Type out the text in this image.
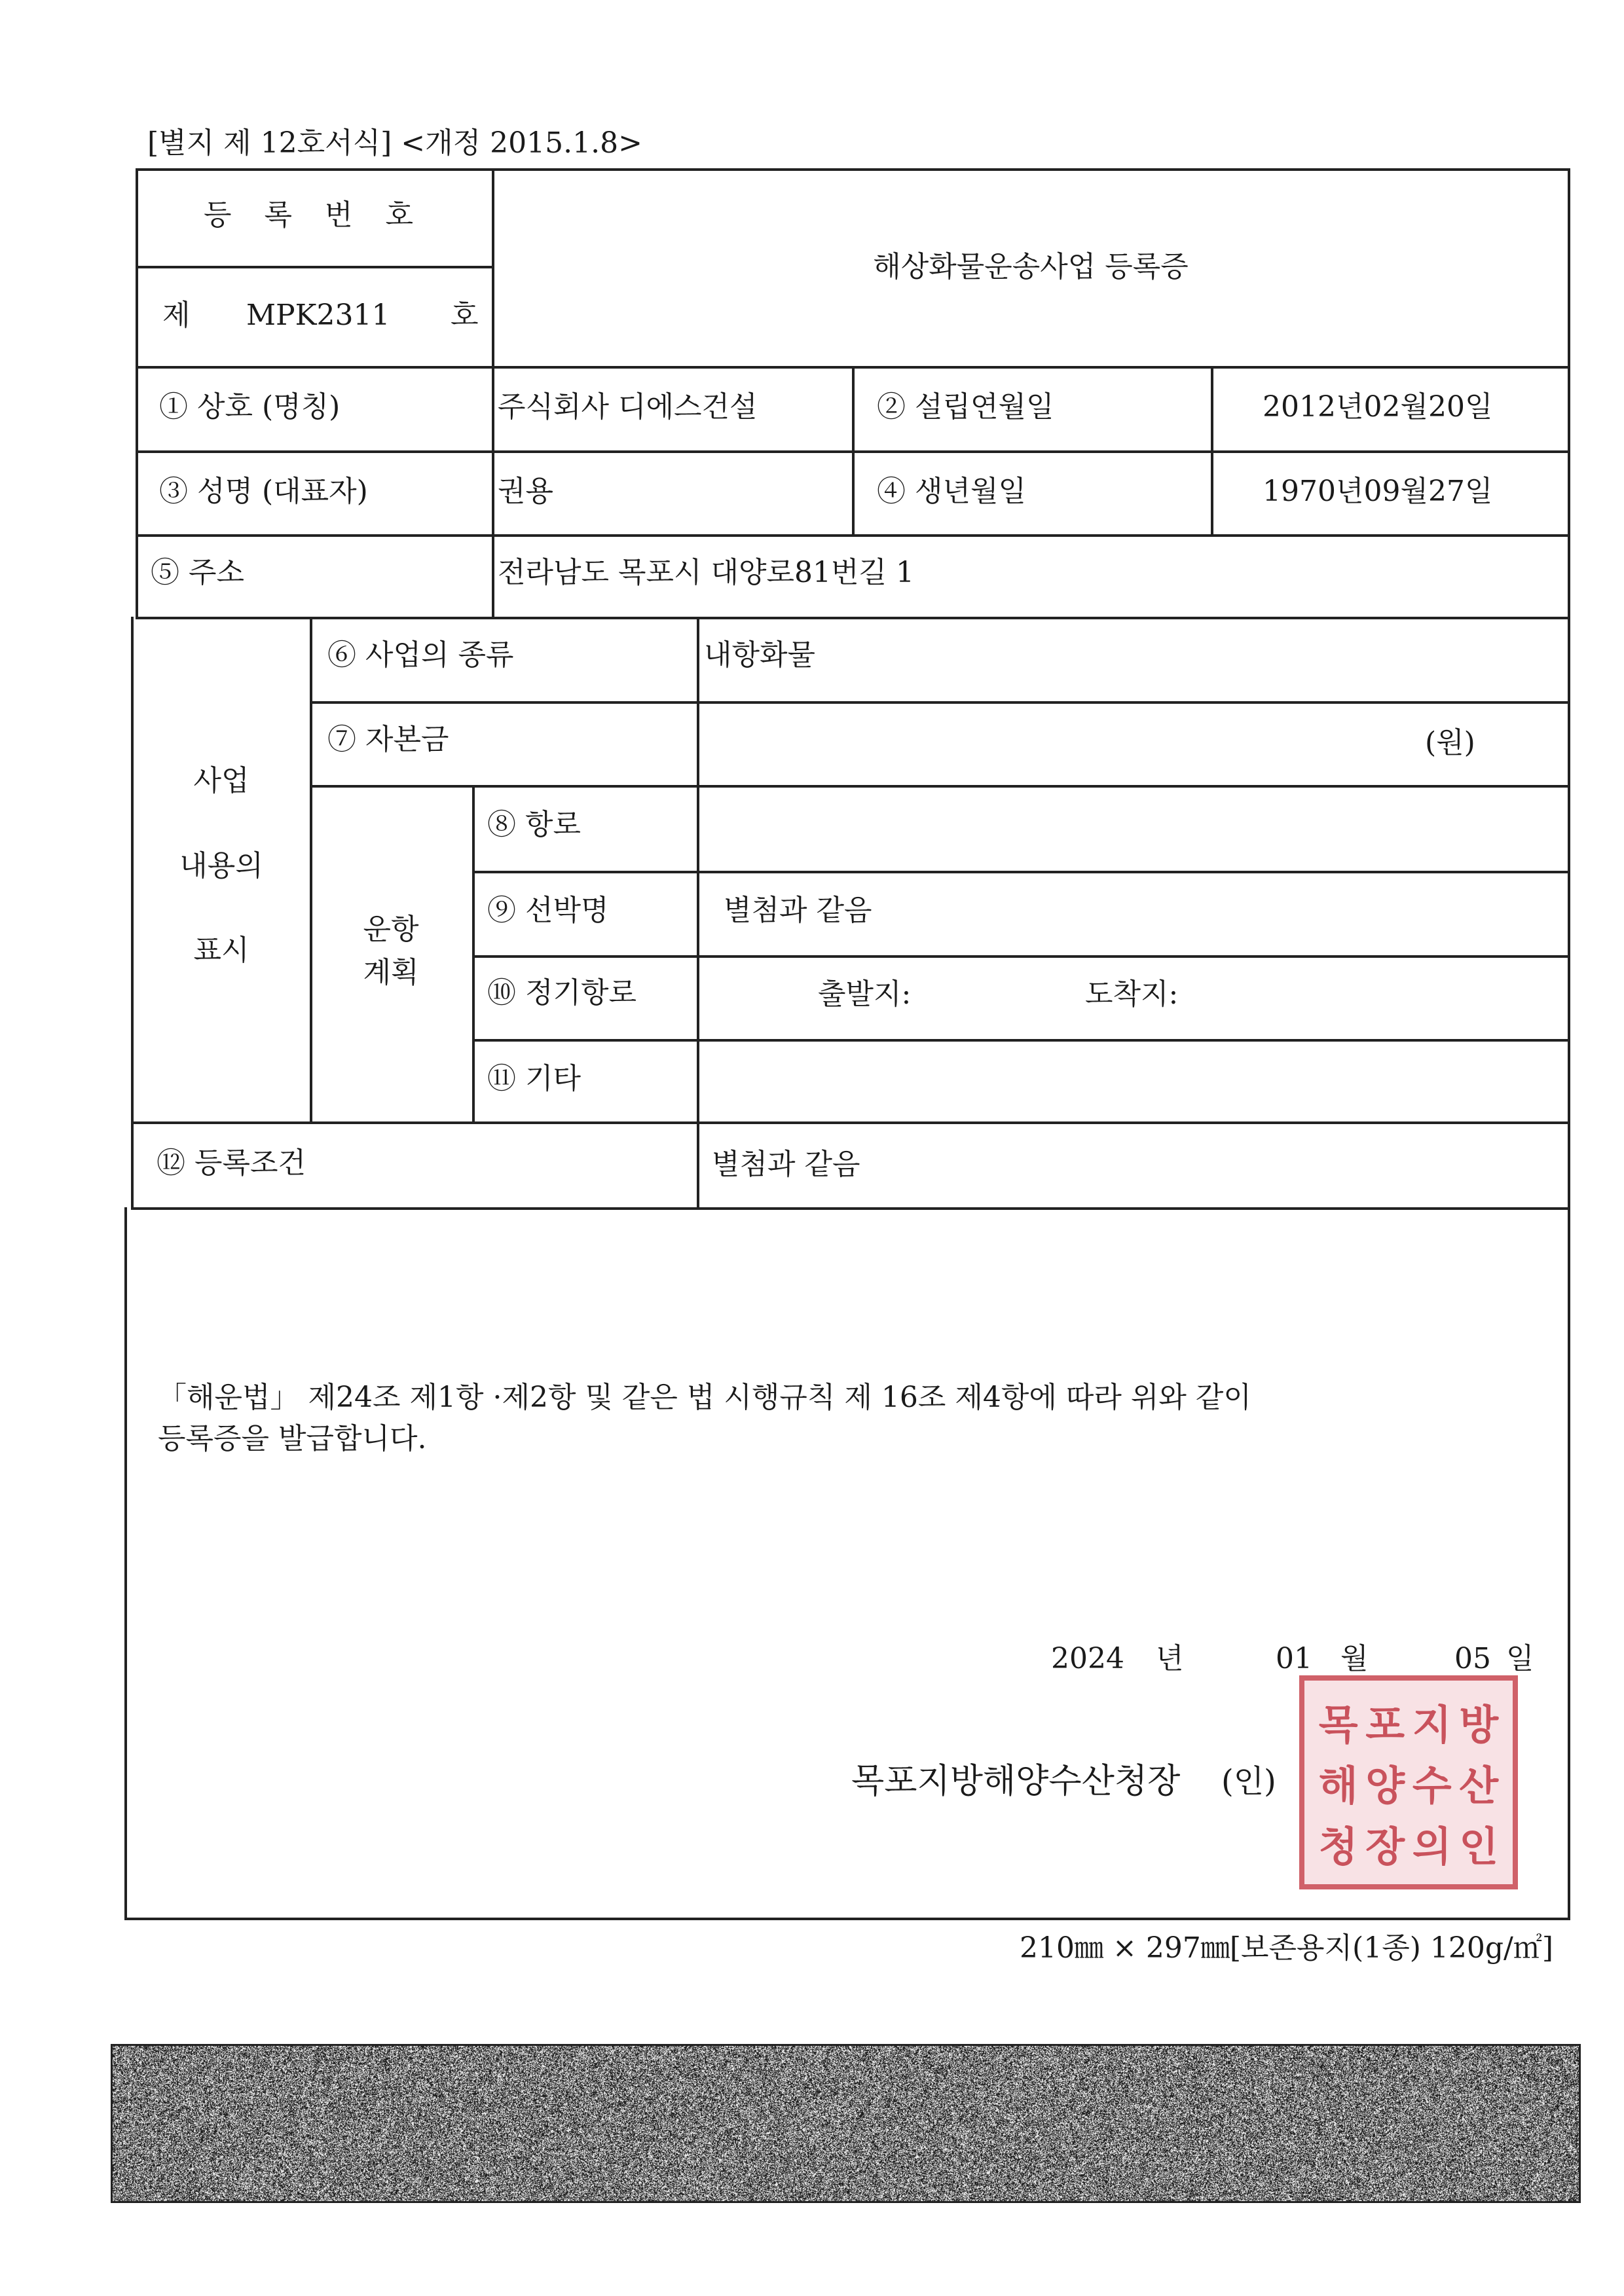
[별지 제 12호서식] <개정 2015.1.8>
등 록 번 호
제 MPK2311 호
해상화물운송사업 등록증
① 상호 (명칭)	주식회사 디에스건설	② 설립연월일	2012년02월20일
③ 성명 (대표자)	권용	④ 생년월일	1970년09월27일
⑤ 주소	전라남도 목포시 대양로81번길 1
사업
내용의
표시
⑥ 사업의 종류	내항화물
⑦ 자본금	(원)
운항
계획
⑧ 항로
⑨ 선박명	별첨과 같음
⑩ 정기항로	출발지:	도착지:
⑪ 기타
⑫ 등록조건	별첨과 같음
「해운법」 제24조 제1항 ·제2항 및 같은 법 시행규칙 제 16조 제4항에 따라 위와 같이
등록증을 발급합니다.
2024 년	01 월	05 일
목 포 지 방
해 양 수 산
청 장 의 인
목포지방해양수산청장 (인)
210㎜ × 297㎜[보존용지(1종) 120g/㎡]
